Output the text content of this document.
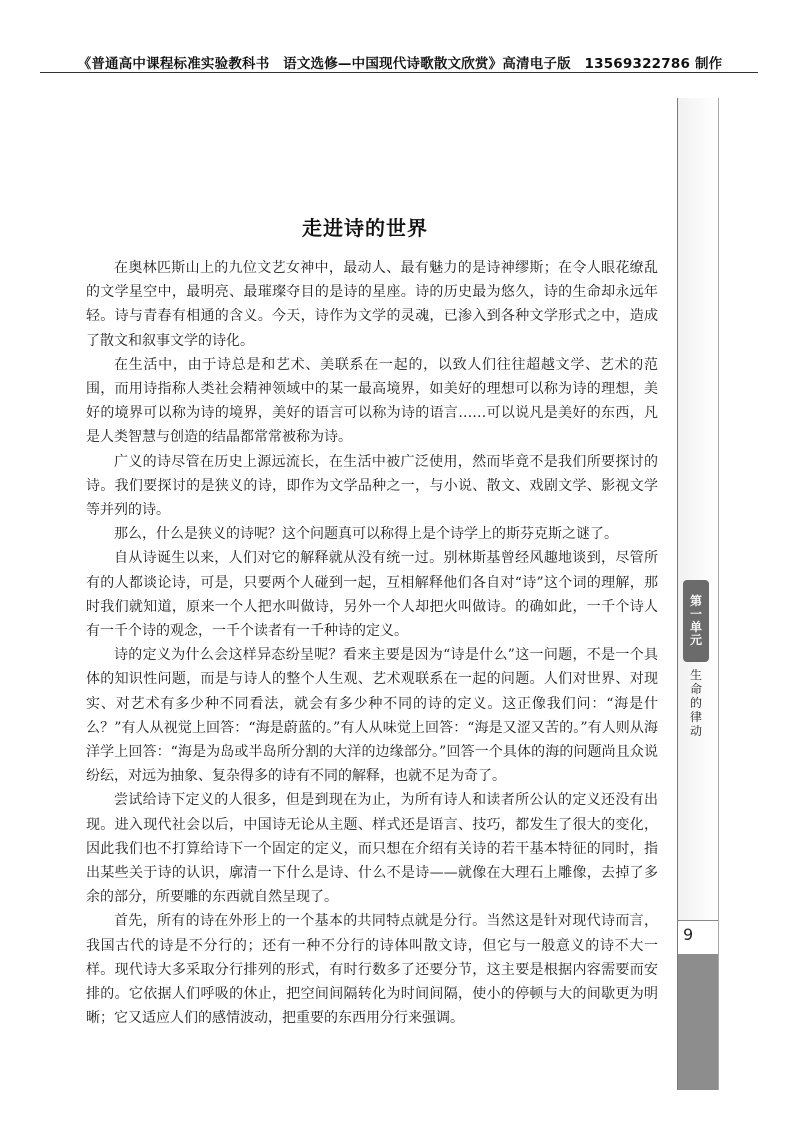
《普通高中课程标准实验教科书　语文选修—中国现代诗歌散文欣赏》高清电子版　13569322786 制作
第
一
单
元
生
命
的
律
动
9
走进诗的世界

在奥林匹斯山上的九位文艺女神中，最动人、最有魅力的是诗神缪斯；在令人眼花缭乱的文学星空中，最明亮、最璀璨夺目的是诗的星座。诗的历史最为悠久，诗的生命却永远年轻。诗与青春有相通的含义。今天，诗作为文学的灵魂，已渗入到各种文学形式之中，造成了散文和叙事文学的诗化。

在生活中，由于诗总是和艺术、美联系在一起的，以致人们往往超越文学、艺术的范围，而用诗指称人类社会精神领域中的某一最高境界，如美好的理想可以称为诗的理想，美好的境界可以称为诗的境界，美好的语言可以称为诗的语言……可以说凡是美好的东西，凡是人类智慧与创造的结晶都常常被称为诗。

广义的诗尽管在历史上源远流长，在生活中被广泛使用，然而毕竟不是我们所要探讨的诗。我们要探讨的是狭义的诗，即作为文学品种之一，与小说、散文、戏剧文学、影视文学等并列的诗。

那么，什么是狭义的诗呢？这个问题真可以称得上是个诗学上的斯芬克斯之谜了。

自从诗诞生以来，人们对它的解释就从没有统一过。别林斯基曾经风趣地谈到，尽管所有的人都谈论诗，可是，只要两个人碰到一起，互相解释他们各自对“诗”这个词的理解，那时我们就知道，原来一个人把水叫做诗，另外一个人却把火叫做诗。的确如此，一千个诗人有一千个诗的观念，一千个读者有一千种诗的定义。

诗的定义为什么会这样异态纷呈呢？看来主要是因为“诗是什么”这一问题，不是一个具体的知识性问题，而是与诗人的整个人生观、艺术观联系在一起的问题。人们对世界、对现实、对艺术有多少种不同看法，就会有多少种不同的诗的定义。这正像我们问：“海是什么？”有人从视觉上回答：“海是蔚蓝的。”有人从味觉上回答：“海是又涩又苦的。”有人则从海洋学上回答：“海是为岛或半岛所分割的大洋的边缘部分。”回答一个具体的海的问题尚且众说纷纭，对远为抽象、复杂得多的诗有不同的解释，也就不足为奇了。

尝试给诗下定义的人很多，但是到现在为止，为所有诗人和读者所公认的定义还没有出现。进入现代社会以后，中国诗无论从主题、样式还是语言、技巧，都发生了很大的变化，因此我们也不打算给诗下一个固定的定义，而只想在介绍有关诗的若干基本特征的同时，指出某些关于诗的认识，廓清一下什么是诗、什么不是诗——就像在大理石上雕像，去掉了多余的部分，所要雕的东西就自然呈现了。

首先，所有的诗在外形上的一个基本的共同特点就是分行。当然这是针对现代诗而言，我国古代的诗是不分行的；还有一种不分行的诗体叫散文诗，但它与一般意义的诗不大一样。现代诗大多采取分行排列的形式，有时行数多了还要分节，这主要是根据内容需要而安排的。它依据人们呼吸的休止，把空间间隔转化为时间间隔，使小的停顿与大的间歇更为明晰；它又适应人们的感情波动，把重要的东西用分行来强调。
